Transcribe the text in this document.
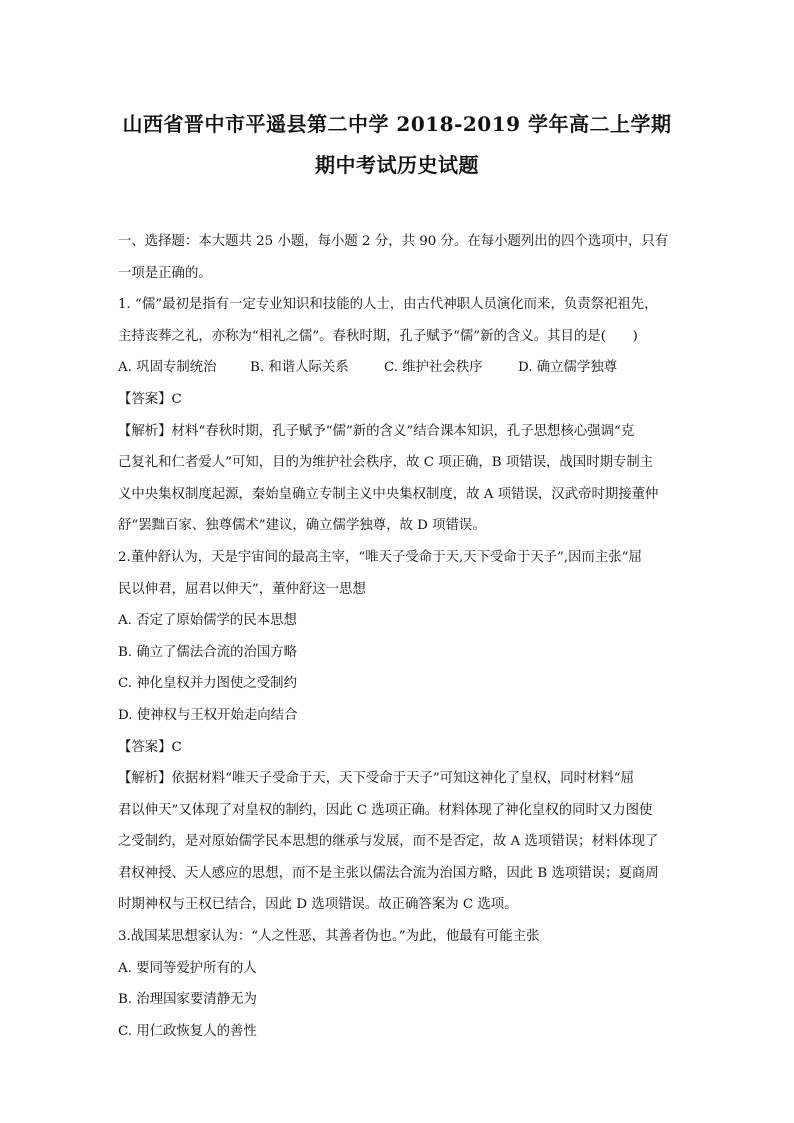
山西省晋中市平遥县第二中学 2018-2019 学年高二上学期
期中考试历史试题
一、选择题：本大题共 25 小题，每小题 2 分，共 90 分。在每小题列出的四个选项中，只有
一项是正确的。
1. “儒”最初是指有一定专业知识和技能的人士，由古代神职人员演化而来，负责祭祀祖先，
主持丧葬之礼，亦称为“相礼之儒”。春秋时期，孔子赋予“儒”新的含义。其目的是(　　)
A. 巩固专制统治	B. 和谐人际关系	C. 维护社会秩序	D. 确立儒学独尊
【答案】C
【解析】材料“春秋时期，孔子赋予“儒”新的含义”结合课本知识，孔子思想核心强调“克
己复礼和仁者爱人”可知，目的为维护社会秩序，故 C 项正确，B 项错误，战国时期专制主
义中央集权制度起源，秦始皇确立专制主义中央集权制度，故 A 项错误，汉武帝时期接董仲
舒“罢黜百家、独尊儒术”建议，确立儒学独尊，故 D 项错误。
2.董仲舒认为，天是宇宙间的最高主宰，“唯天子受命于天,天下受命于天子”,因而主张“屈
民以伸君，屈君以伸天”，董仲舒这一思想
A. 否定了原始儒学的民本思想
B. 确立了儒法合流的治国方略
C. 神化皇权并力图使之受制约
D. 使神权与王权开始走向结合
【答案】C
【解析】依据材料“唯天子受命于天，天下受命于天子”可知这神化了皇权，同时材料“屈
君以伸天”又体现了对皇权的制约，因此 C 选项正确。材料体现了神化皇权的同时又力图使
之受制约，是对原始儒学民本思想的继承与发展，而不是否定，故 A 选项错误；材料体现了
君权神授、天人感应的思想，而不是主张以儒法合流为治国方略，因此 B 选项错误；夏商周
时期神权与王权已结合，因此 D 选项错误。故正确答案为 C 选项。
3.战国某思想家认为：“人之性恶，其善者伪也。”为此，他最有可能主张
A. 要同等爱护所有的人
B. 治理国家要清静无为
C. 用仁政恢复人的善性
